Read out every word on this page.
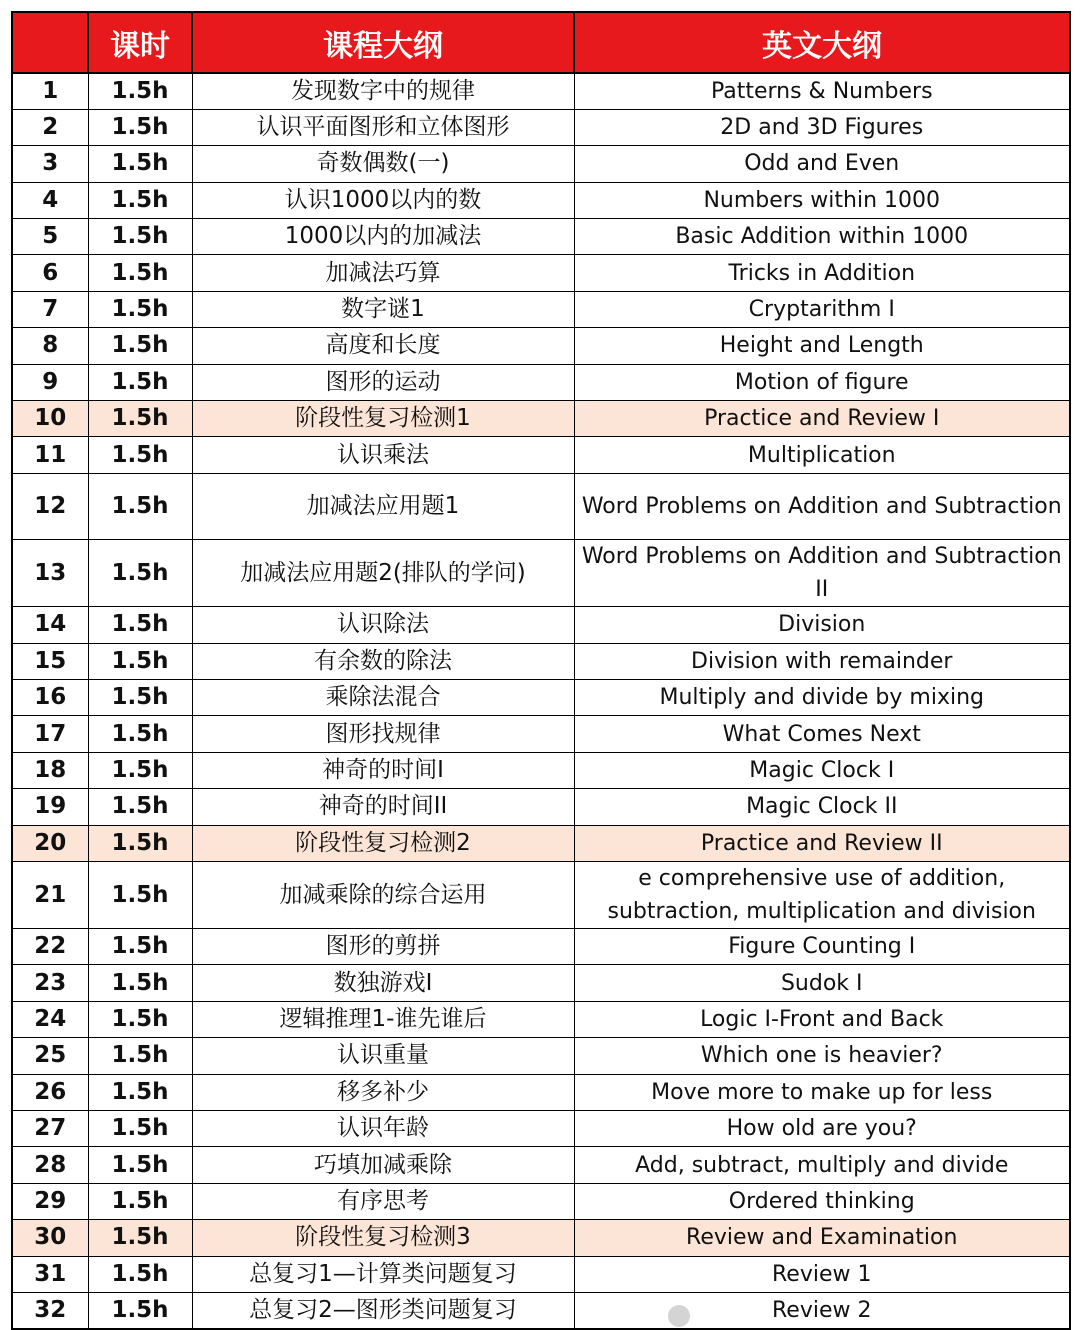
	课时	课程大纲	英文大纲
1	1.5h	发现数字中的规律	Patterns & Numbers
2	1.5h	认识平面图形和立体图形	2D and 3D Figures
3	1.5h	奇数偶数(一)	Odd and Even
4	1.5h	认识1000以内的数	Numbers within 1000
5	1.5h	1000以内的加减法	Basic Addition within 1000
6	1.5h	加减法巧算	Tricks in Addition
7	1.5h	数字谜1	Cryptarithm I
8	1.5h	高度和长度	Height and Length
9	1.5h	图形的运动	Motion of figure
10	1.5h	阶段性复习检测1	Practice and Review I
11	1.5h	认识乘法	Multiplication
12	1.5h	加减法应用题1	Word Problems on Addition and Subtraction
13	1.5h	加减法应用题2(排队的学问)	Word Problems on Addition and Subtraction II
14	1.5h	认识除法	Division
15	1.5h	有余数的除法	Division with remainder
16	1.5h	乘除法混合	Multiply and divide by mixing
17	1.5h	图形找规律	What Comes Next
18	1.5h	神奇的时间I	Magic Clock I
19	1.5h	神奇的时间II	Magic Clock II
20	1.5h	阶段性复习检测2	Practice and Review II
21	1.5h	加减乘除的综合运用	e comprehensive use of addition, subtraction, multiplication and division
22	1.5h	图形的剪拼	Figure Counting I
23	1.5h	数独游戏I	Sudok I
24	1.5h	逻辑推理1-谁先谁后	Logic I-Front and Back
25	1.5h	认识重量	Which one is heavier?
26	1.5h	移多补少	Move more to make up for less
27	1.5h	认识年龄	How old are you?
28	1.5h	巧填加减乘除	Add, subtract, multiply and divide
29	1.5h	有序思考	Ordered thinking
30	1.5h	阶段性复习检测3	Review and Examination
31	1.5h	总复习1—计算类问题复习	Review 1
32	1.5h	总复习2—图形类问题复习	Review 2
